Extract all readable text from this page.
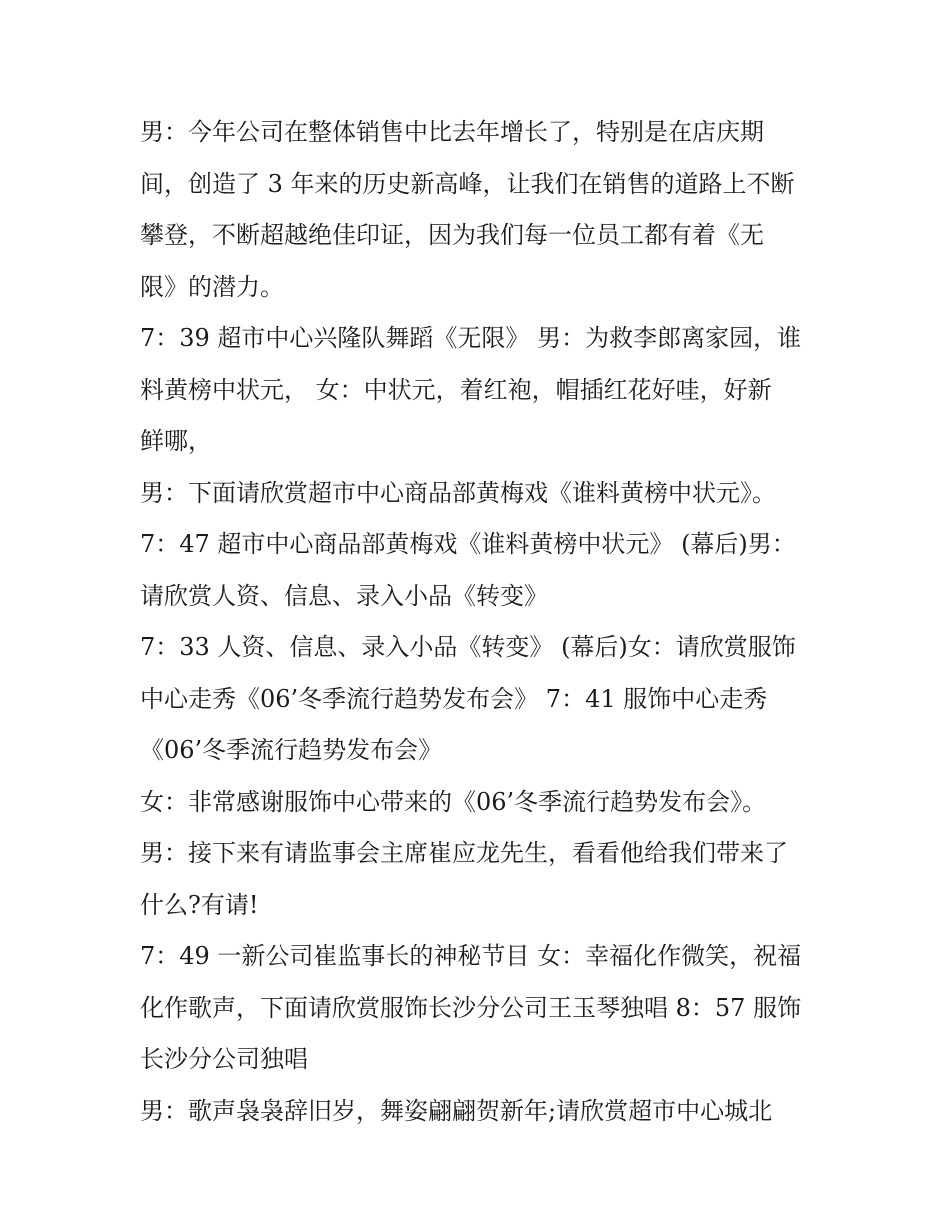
男：今年公司在整体销售中比去年增长了，特别是在店庆期
间，创造了 3 年来的历史新高峰，让我们在销售的道路上不断
攀登，不断超越绝佳印证，因为我们每一位员工都有着《无
限》的潜力。

7：39 超市中心兴隆队舞蹈《无限》 男：为救李郎离家园，谁
料黄榜中状元， 女：中状元，着红袍，帽插红花好哇，好新
鲜哪，

男：下面请欣赏超市中心商品部黄梅戏《谁料黄榜中状元》。

7：47 超市中心商品部黄梅戏《谁料黄榜中状元》 (幕后)男：
请欣赏人资、信息、录入小品《转变》

7：33 人资、信息、录入小品《转变》 (幕后)女：请欣赏服饰
中心走秀《06’冬季流行趋势发布会》 7：41 服饰中心走秀
《06’冬季流行趋势发布会》

女：非常感谢服饰中心带来的《06’冬季流行趋势发布会》。

男：接下来有请监事会主席崔应龙先生，看看他给我们带来了
什么?有请!

7：49 一新公司崔监事长的神秘节目 女：幸福化作微笑，祝福
化作歌声，下面请欣赏服饰长沙分公司王玉琴独唱 8：57 服饰
长沙分公司独唱

男：歌声袅袅辞旧岁，舞姿翩翩贺新年;请欣赏超市中心城北
